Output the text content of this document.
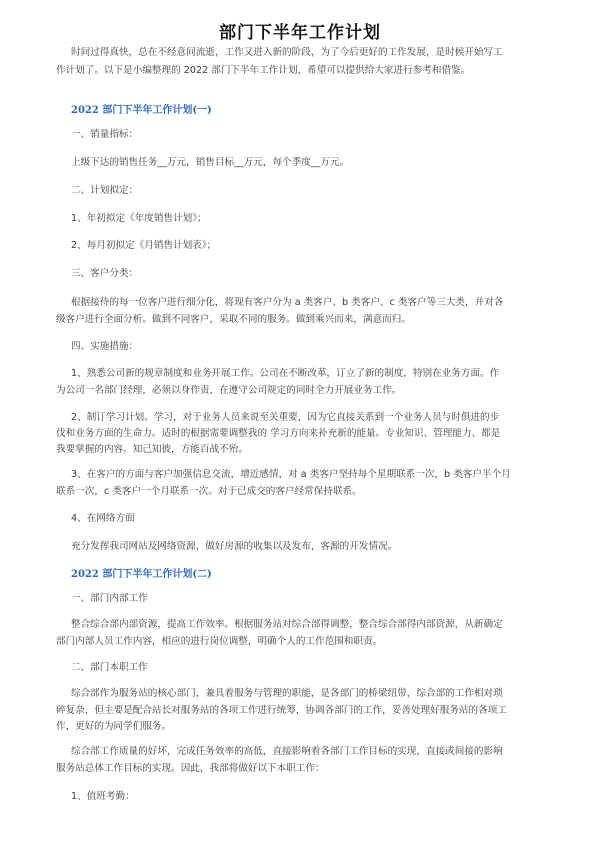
部门下半年工作计划

时间过得真快，总在不经意间流逝，工作又进入新的阶段，为了今后更好的工作发展，是时候开始写工

作计划了。以下是小编整理的 2022 部门下半年工作计划，希望可以提供给大家进行参考和借鉴。

2022 部门下半年工作计划(一)

一、销量指标：

上级下达的销售任务__万元，销售目标__万元，每个季度__万元。

二、计划拟定：

1、年初拟定《年度销售计划》；

2、每月初拟定《月销售计划表》；

三、客户分类：

根据接待的每一位客户进行细分化，将现有客户分为 a 类客户、b 类客户、c 类客户等三大类，并对各

级客户进行全面分析。做到不同客户，采取不同的服务。做到乘兴而来，满意而归。

四、实施措施：

1、熟悉公司新的规章制度和业务开展工作。公司在不断改革，订立了新的制度，特别在业务方面。作

为公司一名部门经理，必须以身作责，在遵守公司规定的同时全力开展业务工作。

2、制订学习计划。学习，对于业务人员来说至关重要，因为它直接关系到一个业务人员与时俱进的步

伐和业务方面的生命力。适时的根据需要调整我的 学习方向来补充新的能量。专业知识、管理能力、都是

我要掌握的内容。知己知彼，方能百战不殆。

3、在客户的方面与客户加强信息交流，增近感情，对 a 类客户坚持每个星期联系一次，b 类客户半个月

联系一次，c 类客户一个月联系一次。对于已成交的客户经常保持联系。

4、在网络方面

充分发挥我司网站及网络资源，做好房源的收集以及发布，客源的开发情况。

2022 部门下半年工作计划(二)

一、部门内部工作

整合综合部内部资源，提高工作效率。根据服务站对综合部得调整，整合综合部得内部资源，从新确定

部门内部人员工作内容，相应的进行岗位调整，明确个人的工作范围和职责。

二、部门本职工作

综合部作为服务站的核心部门，兼具着服务与管理的职能，是各部门的桥梁纽带，综合部的工作相对琐

碎复杂，但主要是配合站长对服务站的各项工作进行统筹，协调各部门的工作，妥善处理好服务站的各项工

作，更好的为同学们服务。

综合部工作质量的好坏，完成任务效率的高低，直接影响着各部门工作目标的实现，直接或间接的影响

服务站总体工作目标的实现。因此，我部将做好以下本职工作：

1、值班考勤：
